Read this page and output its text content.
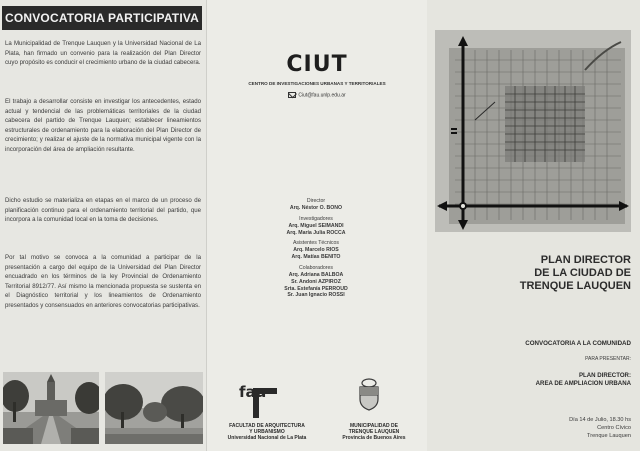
CONVOCATORIA PARTICIPATIVA
La Municipalidad de Trenque Lauquen y la Universidad Nacional de La Plata, han firmado un convenio para la realización del Plan Director cuyo propósito es conducir el crecimiento urbano de la ciudad cabecera.
El trabajo a desarrollar consiste en investigar los antecedentes, estado actual y tendencial de las problemáticas territoriales de la ciudad cabecera del partido de Trenque Lauquen; establecer lineamientos estructurales de ordenamiento para la elaboración del Plan Director de crecimiento; y realizar el ajuste de la normativa municipal vigente con la incorporación del área de ampliación resultante.
Dicho estudio se materializa en etapas en el marco de un proceso de planificación continuo para el ordenamiento territorial del partido, que incorpora a la comunidad local en la toma de decisiones.
Por tal motivo se convoca a la comunidad a participar de la presentación a cargo del equipo de la Universidad del Plan Director encuadrado en los términos de la ley Provincial de Ordenamiento Territorial 8912/77. Así mismo la mencionada propuesta se sustenta en el Diagnóstico territorial y los lineamientos de Ordenamiento presentados y consensuados en anteriores convocatorias participativas.
CIUT
CENTRO DE INVESTIGACIONES URBANAS Y TERRITORIALES
Ciut@fau.unlp.edu.ar
Director
Arq. Néstor O. BONO
Investigadores
Arq. Miguel SEIMANDI
Arq. María Julia ROCCA
Asistentes Técnicos
Arq. Marcelo RIOS
Arq. Matías BENITO
Colaboradores
Arq. Adriana BALBOA
Sr. Andoni AZPIROZ
Srta. Estefanía PERROUD
Sr. Juan Ignacio ROSSI
fau
FACULTAD DE ARQUITECTURA
Y URBANISMO
Universidad Nacional de La Plata
MUNICIPALIDAD DE
TRENQUE LAUQUEN
Provincia de Buenos Aires
PLAN DIRECTOR
DE LA CIUDAD DE
TRENQUE LAUQUEN
CONVOCATORIA A LA COMUNIDAD
PARA PRESENTAR:
PLAN DIRECTOR:
AREA DE AMPLIACION URBANA
Día 14 de Julio, 18.30 hs
Centro Cívico
Trenque Lauquen
